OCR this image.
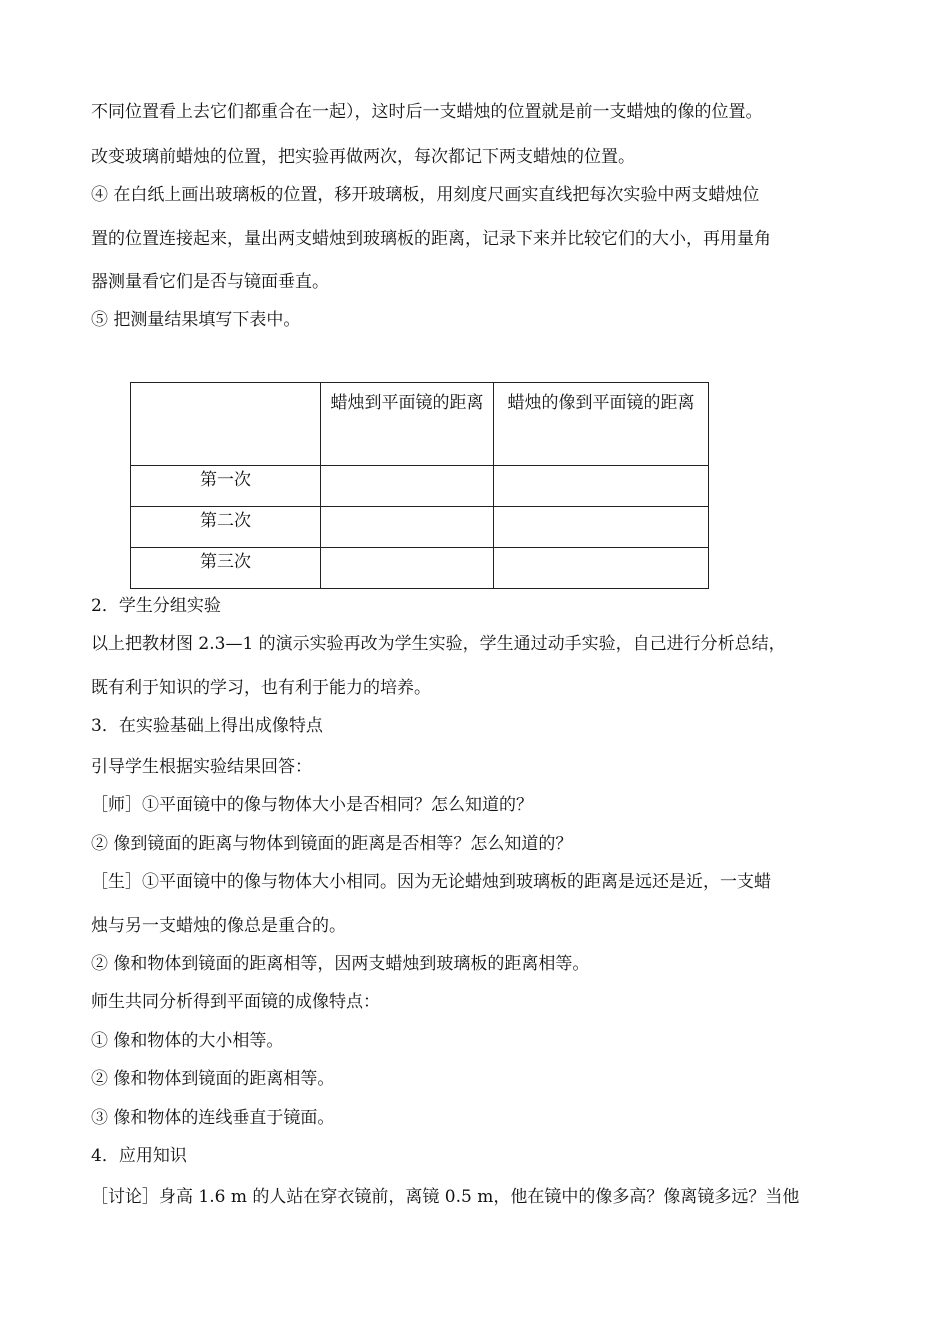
不同位置看上去它们都重合在一起），这时后一支蜡烛的位置就是前一支蜡烛的像的位置。
改变玻璃前蜡烛的位置，把实验再做两次，每次都记下两支蜡烛的位置。
④ 在白纸上画出玻璃板的位置，移开玻璃板，用刻度尺画实直线把每次实验中两支蜡烛位
置的位置连接起来，量出两支蜡烛到玻璃板的距离，记录下来并比较它们的大小，再用量角
器测量看它们是否与镜面垂直。
⑤ 把测量结果填写下表中。
	蜡烛到平面镜的距离	蜡烛的像到平面镜的距离
第一次		
第二次		
第三次		
2．学生分组实验
以上把教材图 2.3—1 的演示实验再改为学生实验，学生通过动手实验，自己进行分析总结，
既有利于知识的学习，也有利于能力的培养。
3．在实验基础上得出成像特点
引导学生根据实验结果回答：
［师］①平面镜中的像与物体大小是否相同？怎么知道的？
② 像到镜面的距离与物体到镜面的距离是否相等？怎么知道的？
［生］①平面镜中的像与物体大小相同。因为无论蜡烛到玻璃板的距离是远还是近，一支蜡
烛与另一支蜡烛的像总是重合的。
② 像和物体到镜面的距离相等，因两支蜡烛到玻璃板的距离相等。
师生共同分析得到平面镜的成像特点：
① 像和物体的大小相等。
② 像和物体到镜面的距离相等。
③ 像和物体的连线垂直于镜面。
4．应用知识
［讨论］身高 1.6 m 的人站在穿衣镜前，离镜 0.5 m，他在镜中的像多高？像离镜多远？当他
